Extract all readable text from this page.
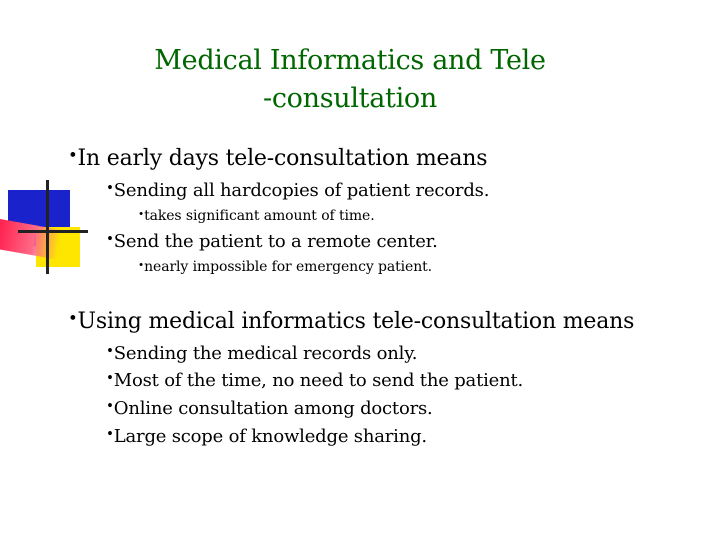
Medical Informatics and Tele
-consultation
•In early days tele-consultation means
•Sending all hardcopies of patient records.
•takes significant amount of time.
•Send the patient to a remote center.
•nearly impossible for emergency patient.
•Using medical informatics tele-consultation means
•Sending the medical records only.
•Most of the time, no need to send the patient.
•Online consultation among doctors.
•Large scope of knowledge sharing.
